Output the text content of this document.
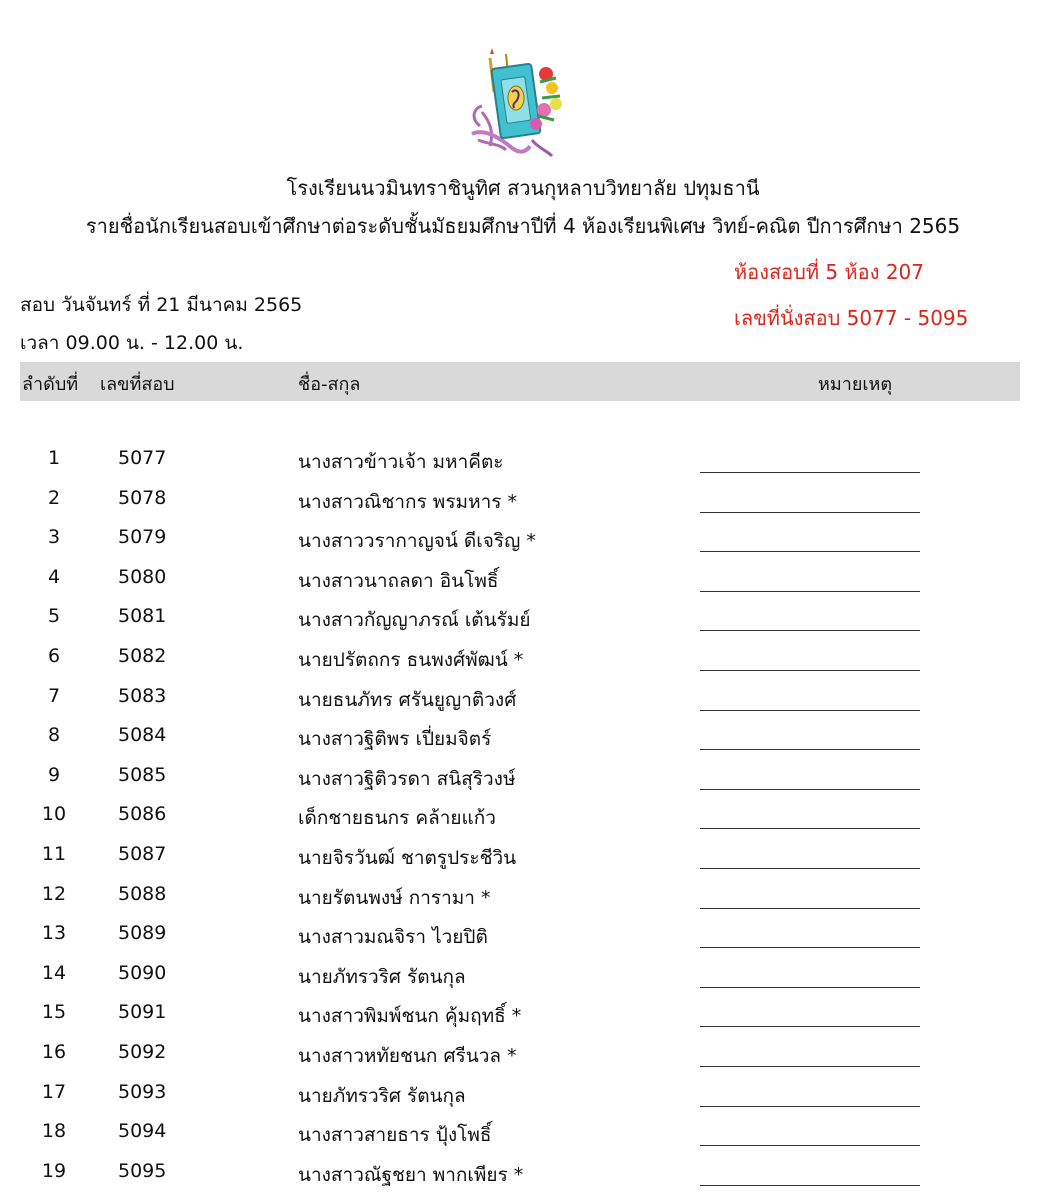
โรงเรียนนวมินทราชินูทิศ สวนกุหลาบวิทยาลัย ปทุมธานี
รายชื่อนักเรียนสอบเข้าศึกษาต่อระดับชั้นมัธยมศึกษาปีที่ 4 ห้องเรียนพิเศษ วิทย์-คณิต ปีการศึกษา 2565
ห้องสอบที่ 5 ห้อง 207
สอบ วันจันทร์ ที่ 21 มีนาคม 2565
เลขที่นั่งสอบ 5077 - 5095
เวลา 09.00 น. - 12.00 น.
ลำดับที่ เลขที่สอบ	ชื่อ-สกุล	หมายเหตุ
1	5077	นางสาวข้าวเจ้า มหาคีตะ
2	5078	นางสาวณิชากร พรมหาร *
3	5079	นางสาววรากาญจน์ ดีเจริญ *
4	5080	นางสาวนาถลดา อินโพธิ์
5	5081	นางสาวกัญญาภรณ์ เต้นรัมย์
6	5082	นายปรัตถกร ธนพงศ์พัฒน์ *
7	5083	นายธนภัทร ศรันยูญาติวงศ์
8	5084	นางสาวฐิติพร เปี่ยมจิตร์
9	5085	นางสาวฐิติวรดา สนิสุริวงษ์
10	5086	เด็กชายธนกร คล้ายแก้ว
11	5087	นายจิรวันฒ์ ชาตรูประชีวิน
12	5088	นายรัตนพงษ์ การามา *
13	5089	นางสาวมณจิรา ไวยปิติ
14	5090	นายภัทรวริศ รัตนกุล
15	5091	นางสาวพิมพ์ชนก คุ้มฤทธิ์ *
16	5092	นางสาวหทัยชนก ศรีนวล *
17	5093	นายภัทรวริศ รัตนกุล
18	5094	นางสาวสายธาร ปุ้งโพธิ์
19	5095	นางสาวณัฐชยา พากเพียร *
